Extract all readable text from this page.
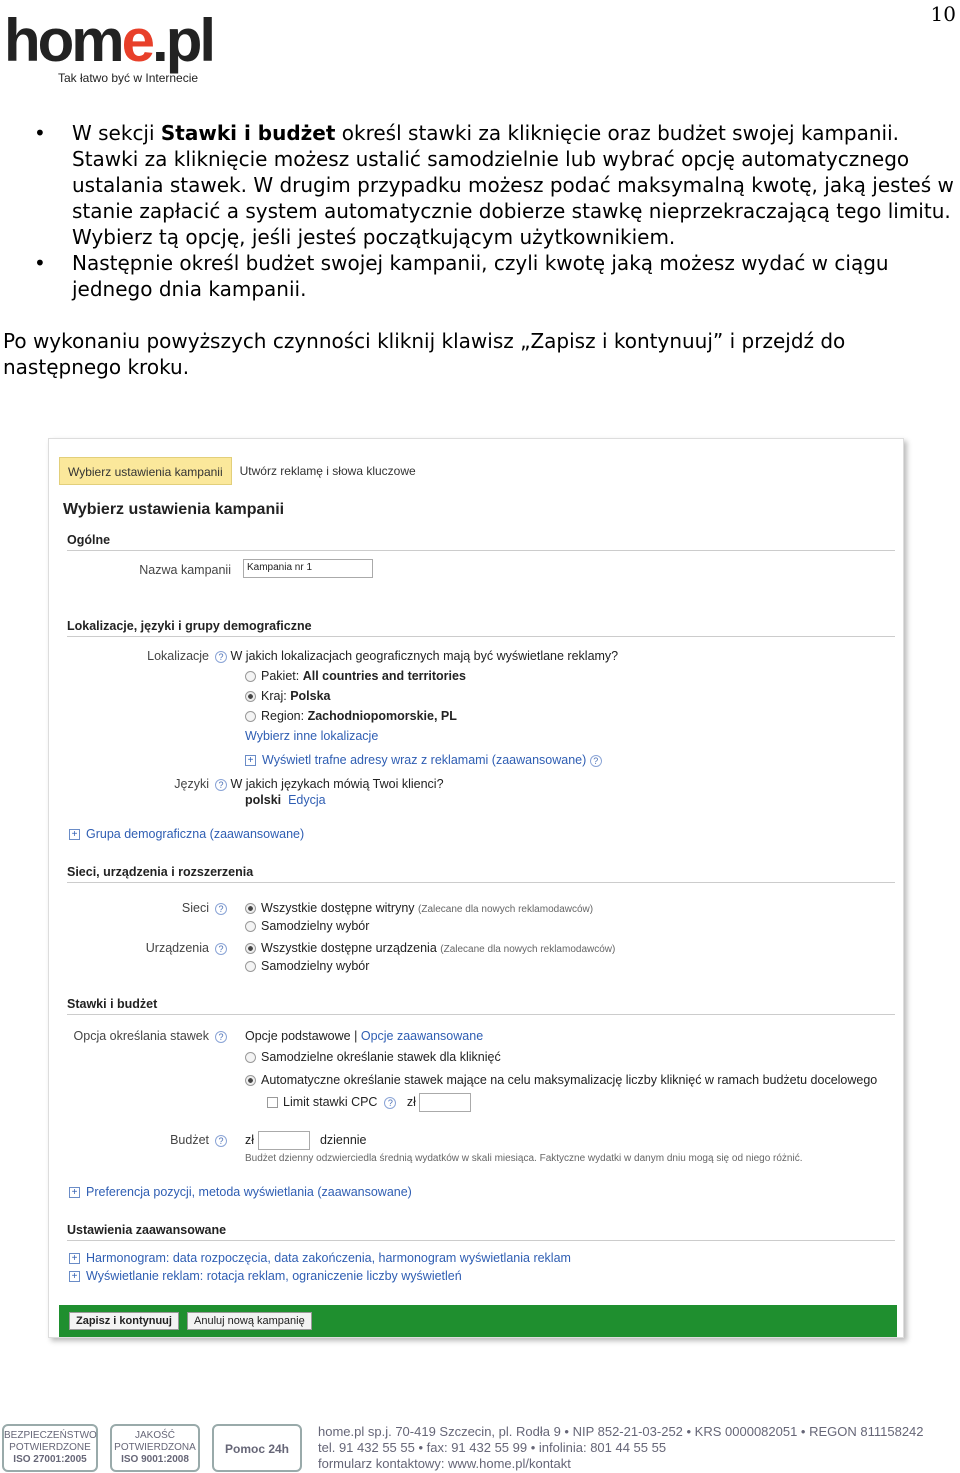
10
home.pl
Tak łatwo być w Internecie
• W sekcji Stawki i budżet określ stawki za kliknięcie oraz budżet swojej kampanii. Stawki za kliknięcie możesz ustalić samodzielnie lub wybrać opcję automatycznego ustalania stawek. W drugim przypadku możesz podać maksymalną kwotę, jaką jesteś w stanie zapłacić a system automatycznie dobierze stawkę nieprzekraczającą tego limitu. Wybierz tą opcję, jeśli jesteś początkującym użytkownikiem.
• Następnie określ budżet swojej kampanii, czyli kwotę jaką możesz wydać w ciągu jednego dnia kampanii.

Po wykonaniu powyższych czynności kliknij klawisz „Zapisz i kontynuuj” i przejdź do następnego kroku.

Wybierz ustawienia kampanii	Utwórz reklamę i słowa kluczowe
Wybierz ustawienia kampanii
Ogólne
Nazwa kampanii	Kampania nr 1
Lokalizacje, języki i grupy demograficzne
Lokalizacje	? W jakich lokalizacjach geograficznych mają być wyświetlane reklamy?
Pakiet: All countries and territories
Kraj: Polska
Region: Zachodniopomorskie, PL
Wybierz inne lokalizacje
+ Wyświetl trafne adresy wraz z reklamami (zaawansowane) ?
Języki	? W jakich językach mówią Twoi klienci?
polski Edycja
+ Grupa demograficzna (zaawansowane)
Sieci, urządzenia i rozszerzenia
Sieci	?	Wszystkie dostępne witryny (Zalecane dla nowych reklamodawców)
Samodzielny wybór
Urządzenia	?	Wszystkie dostępne urządzenia (Zalecane dla nowych reklamodawców)
Samodzielny wybór
Stawki i budżet
Opcja określania stawek	? Opcje podstawowe | Opcje zaawansowane
Samodzielne określanie stawek dla kliknięć
Automatyczne określanie stawek mające na celu maksymalizację liczby kliknięć w ramach budżetu docelowego
Limit stawki CPC ? zł
Budżet	? zł	dziennie
Budżet dzienny odzwierciedla średnią wydatków w skali miesiąca. Faktyczne wydatki w danym dniu mogą się od niego różnić.
+ Preferencja pozycji, metoda wyświetlania (zaawansowane)
Ustawienia zaawansowane
+ Harmonogram: data rozpoczęcia, data zakończenia, harmonogram wyświetlania reklam
+ Wyświetlanie reklam: rotacja reklam, ograniczenie liczby wyświetleń
Zapisz i kontynuuj	Anuluj nową kampanię
BEZPIECZEŃSTWO
POTWIERDZONE
ISO 27001:2005
JAKOŚĆ
POTWIERDZONA
ISO 9001:2008
Pomoc 24h
home.pl sp.j. 70-419 Szczecin, pl. Rodła 9 • NIP 852-21-03-252 • KRS 0000082051 • REGON 811158242
tel. 91 432 55 55 • fax: 91 432 55 99 • infolinia: 801 44 55 55
formularz kontaktowy: www.home.pl/kontakt
